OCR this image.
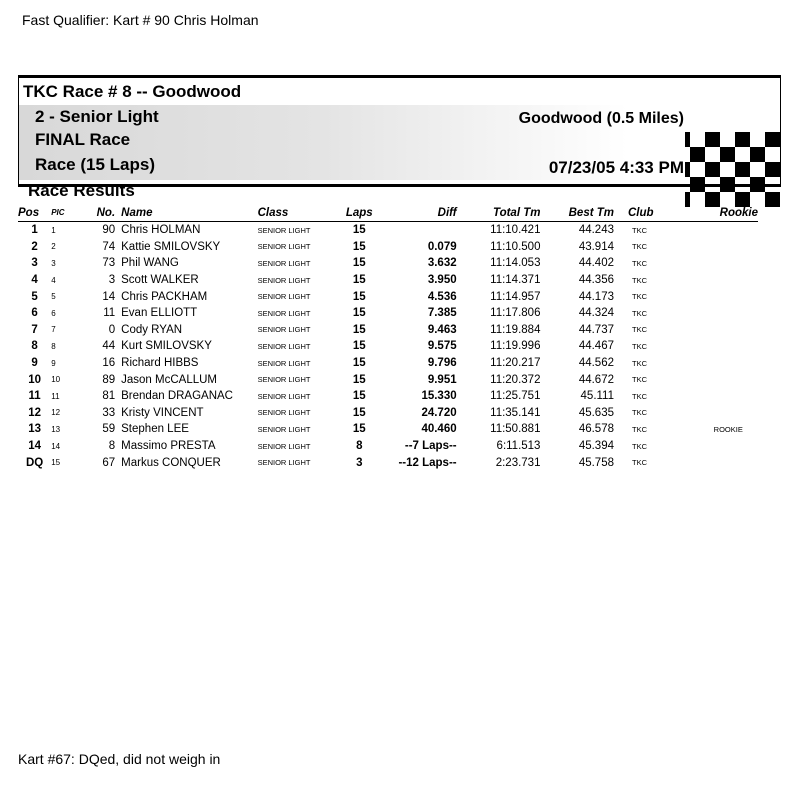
Fast Qualifier: Kart # 90 Chris Holman
TKC Race # 8 -- Goodwood
2 - Senior Light
FINAL Race
Race (15 Laps)
Goodwood (0.5 Miles)
07/23/05 4:33 PM
Race Results
Pos	PIC	No.	Name	Class	Laps	Diff	Total Tm	Best Tm	Club	Rookie
1	1	90	Chris HOLMAN	SENIOR LIGHT	15		11:10.421	44.243	TKC	
2	2	74	Kattie SMILOVSKY	SENIOR LIGHT	15	0.079	11:10.500	43.914	TKC	
3	3	73	Phil WANG	SENIOR LIGHT	15	3.632	11:14.053	44.402	TKC	
4	4	3	Scott WALKER	SENIOR LIGHT	15	3.950	11:14.371	44.356	TKC	
5	5	14	Chris PACKHAM	SENIOR LIGHT	15	4.536	11:14.957	44.173	TKC	
6	6	11	Evan ELLIOTT	SENIOR LIGHT	15	7.385	11:17.806	44.324	TKC	
7	7	0	Cody RYAN	SENIOR LIGHT	15	9.463	11:19.884	44.737	TKC	
8	8	44	Kurt SMILOVSKY	SENIOR LIGHT	15	9.575	11:19.996	44.467	TKC	
9	9	16	Richard HIBBS	SENIOR LIGHT	15	9.796	11:20.217	44.562	TKC	
10	10	89	Jason McCALLUM	SENIOR LIGHT	15	9.951	11:20.372	44.672	TKC	
11	11	81	Brendan DRAGANAC	SENIOR LIGHT	15	15.330	11:25.751	45.111	TKC	
12	12	33	Kristy VINCENT	SENIOR LIGHT	15	24.720	11:35.141	45.635	TKC	
13	13	59	Stephen LEE	SENIOR LIGHT	15	40.460	11:50.881	46.578	TKC	ROOKIE
14	14	8	Massimo PRESTA	SENIOR LIGHT	8	--7 Laps--	6:11.513	45.394	TKC	
DQ	15	67	Markus CONQUER	SENIOR LIGHT	3	--12 Laps--	2:23.731	45.758	TKC	
Kart #67: DQed, did not weigh in
